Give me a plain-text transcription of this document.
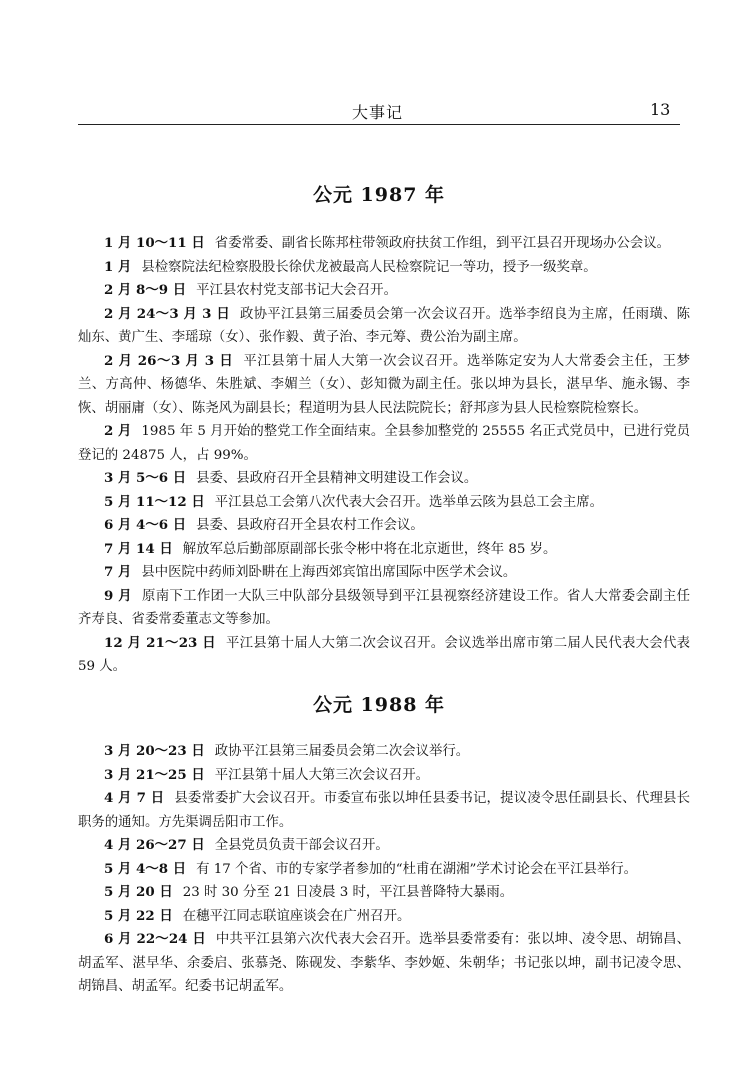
大事记	13
公元 1987 年

1 月 10～11 日 省委常委、副省长陈邦柱带领政府扶贫工作组，到平江县召开现场办公会议。

1 月 县检察院法纪检察股股长徐伏龙被最高人民检察院记一等功，授予一级奖章。

2 月 8～9 日 平江县农村党支部书记大会召开。

2 月 24～3 月 3 日 政协平江县第三届委员会第一次会议召开。选举李绍良为主席，任雨璜、陈灿东、黄广生、李瑶琼（女）、张作毅、黄子治、李元筹、费公治为副主席。

2 月 26～3 月 3 日 平江县第十届人大第一次会议召开。选举陈定安为人大常委会主任，王梦兰、方高仲、杨德华、朱胜斌、李媚兰（女）、彭知微为副主任。张以坤为县长，湛早华、施永锡、李恢、胡丽庸（女）、陈尧风为副县长；程道明为县人民法院院长；舒邦彦为县人民检察院检察长。

2 月 1985 年 5 月开始的整党工作全面结束。全县参加整党的 25555 名正式党员中，已进行党员登记的 24875 人，占 99%。

3 月 5～6 日 县委、县政府召开全县精神文明建设工作会议。

5 月 11～12 日 平江县总工会第八次代表大会召开。选举单云陔为县总工会主席。

6 月 4～6 日 县委、县政府召开全县农村工作会议。

7 月 14 日 解放军总后勤部原副部长张令彬中将在北京逝世，终年 85 岁。

7 月 县中医院中药师刘卧畊在上海西郊宾馆出席国际中医学术会议。

9 月 原南下工作团一大队三中队部分县级领导到平江县视察经济建设工作。省人大常委会副主任齐寿良、省委常委董志文等参加。

12 月 21～23 日 平江县第十届人大第二次会议召开。会议选举出席市第二届人民代表大会代表 59 人。

公元 1988 年

3 月 20～23 日 政协平江县第三届委员会第二次会议举行。

3 月 21～25 日 平江县第十届人大第三次会议召开。

4 月 7 日 县委常委扩大会议召开。市委宣布张以坤任县委书记，提议凌令思任副县长、代理县长职务的通知。方先渠调岳阳市工作。

4 月 26～27 日 全县党员负责干部会议召开。

5 月 4～8 日 有 17 个省、市的专家学者参加的“杜甫在湖湘”学术讨论会在平江县举行。

5 月 20 日 23 时 30 分至 21 日凌晨 3 时，平江县普降特大暴雨。

5 月 22 日 在穗平江同志联谊座谈会在广州召开。

6 月 22～24 日 中共平江县第六次代表大会召开。选举县委常委有：张以坤、凌令思、胡锦昌、胡孟军、湛早华、余委启、张慕尧、陈砚发、李紫华、李妙姬、朱朝华；书记张以坤，副书记凌令思、胡锦昌、胡孟军。纪委书记胡孟军。
